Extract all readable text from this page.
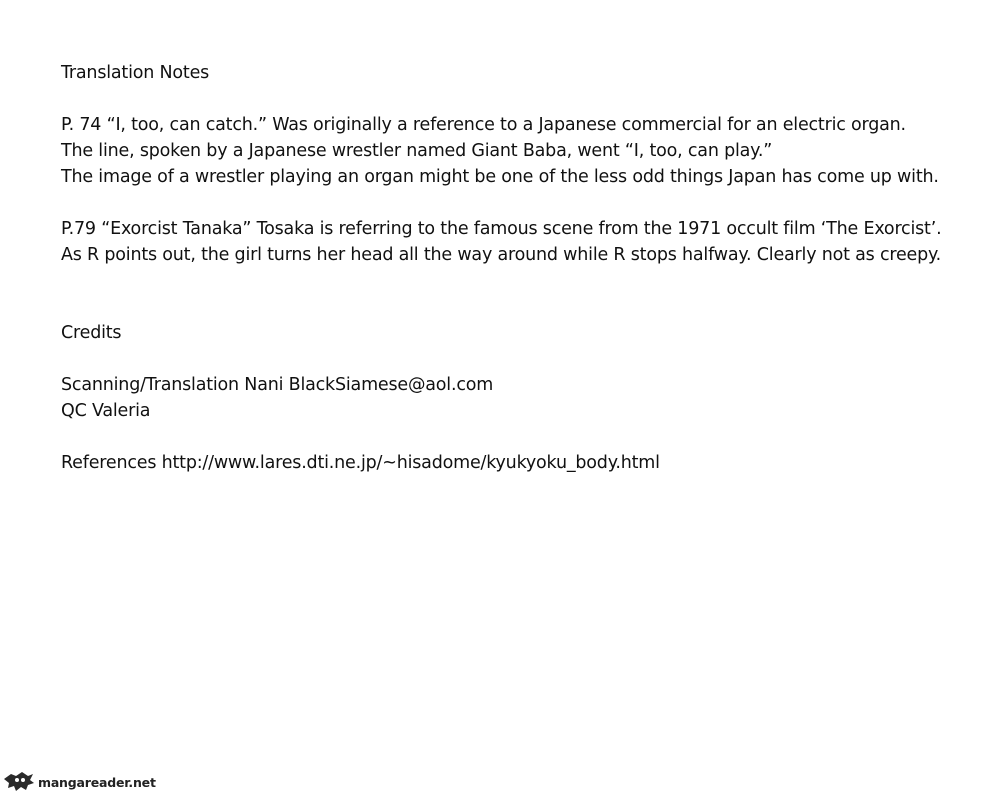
Translation Notes
P. 74 “I, too, can catch.” Was originally a reference to a Japanese commercial for an electric organ.
The line, spoken by a Japanese wrestler named Giant Baba, went “I, too, can play.”
The image of a wrestler playing an organ might be one of the less odd things Japan has come up with.
P.79 “Exorcist Tanaka” Tosaka is referring to the famous scene from the 1971 occult film ‘The Exorcist’.
As R points out, the girl turns her head all the way around while R stops halfway. Clearly not as creepy.
Credits
Scanning/Translation Nani BlackSiamese@aol.com
QC Valeria
References http://www.lares.dti.ne.jp/~hisadome/kyukyoku_body.html
mangareader.net
